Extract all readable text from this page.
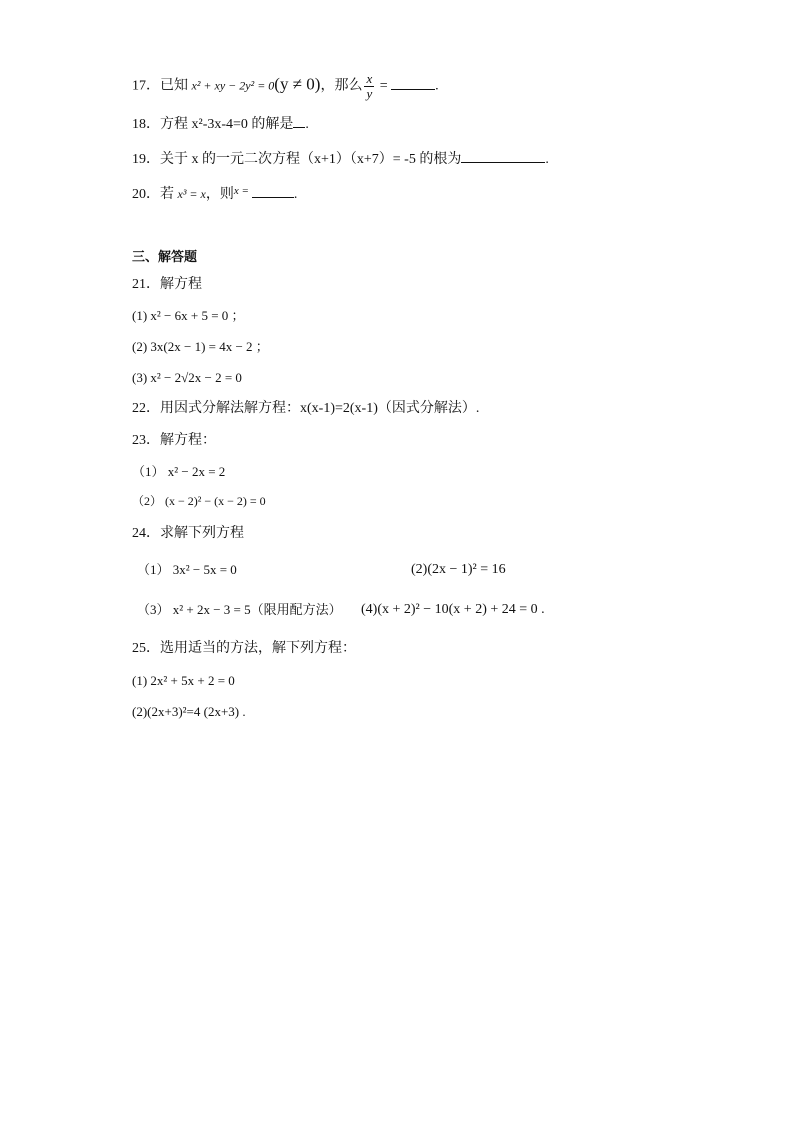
17．已知 x² + xy − 2y² = 0(y ≠ 0)，那么 $\frac{x}{y}$ =	.
18．方程 x²-3x-4=0 的解是 .
19．关于 x 的一元二次方程（x+1）（x+7）= -5 的根为	.
20．若 x³ = x，则$^{x =}$	.
三、解答题
21．解方程
(1) x² − 6x + 5 = 0 ；
(2) 3x(2x − 1) = 4x − 2 ；
(3) x² − 2√2x − 2 = 0
22．用因式分解法解方程：x(x-1)=2(x-1)（因式分解法）.
23．解方程：
（1） x² − 2x = 2
（2） (x − 2)² − (x − 2) = 0
24．求解下列方程
（1） 3x² − 5x = 0	(2)(2x − 1)² = 16
（3） x² + 2x − 3 = 5（限用配方法） (4)(x + 2)² − 10(x + 2) + 24 = 0 .
25．选用适当的方法，解下列方程：
(1) 2x² + 5x + 2 = 0
(2)(2x+3)²=4 (2x+3) .
